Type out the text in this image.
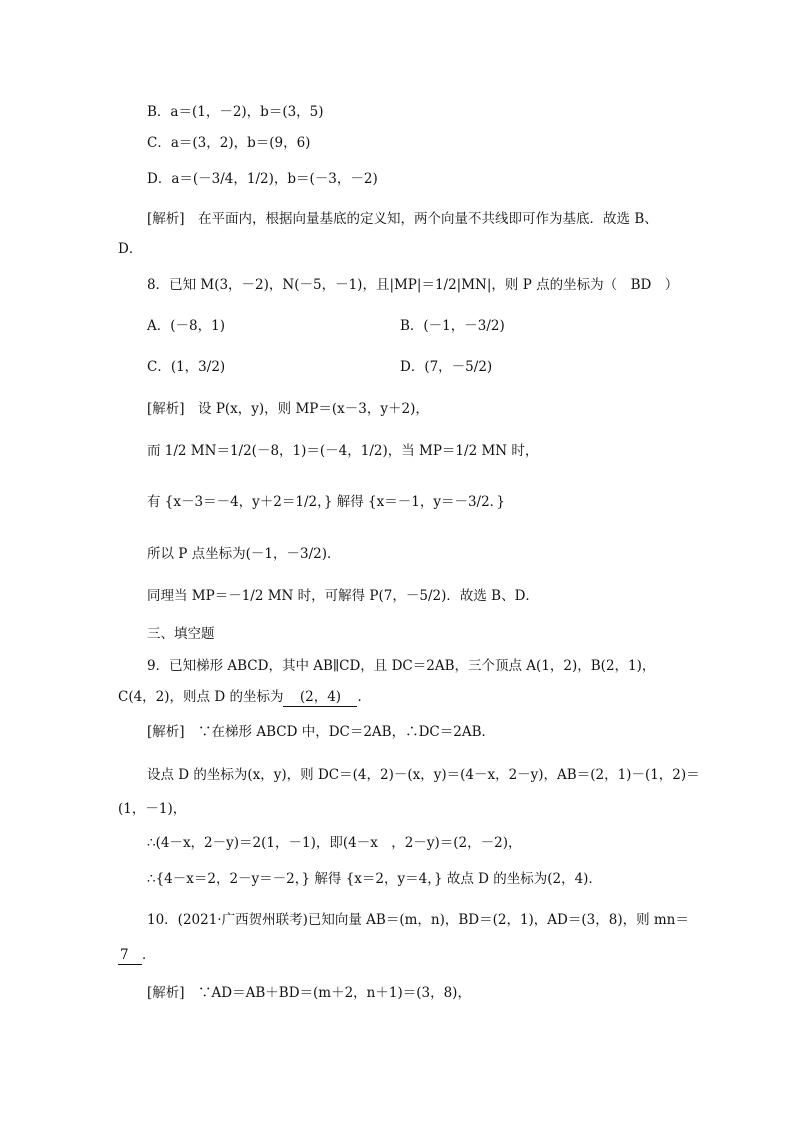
B．a＝(1，－2)，b＝(3，5)
C．a＝(3，2)，b＝(9，6)
D．a＝(－3/4，1/2)，b＝(－3，－2)
[解析]　在平面内，根据向量基底的定义知，两个向量不共线即可作为基底．故选 B、
D．
8．已知 M(3，－2)，N(－5，－1)，且|MP|＝1/2|MN|，则 P 点的坐标为（　BD　）
A．(－8，1)	B．(－1，－3/2)
C．(1，3/2)	D．(7，－5/2)
[解析]　设 P(x，y)，则 MP＝(x－3，y＋2)，
而 1/2 MN＝1/2(－8，1)＝(－4，1/2)，当 MP＝1/2 MN 时，
有 {x－3＝－4，y＋2＝1/2，} 解得 {x＝－1，y＝－3/2．}
所以 P 点坐标为(－1，－3/2)．
同理当 MP＝－1/2 MN 时，可解得 P(7，－5/2)．故选 B、D．
三、填空题
9．已知梯形 ABCD，其中 AB∥CD，且 DC＝2AB，三个顶点 A(1，2)，B(2，1)，
C(4，2)，则点 D 的坐标为 (2，4) ．
[解析]　∵在梯形 ABCD 中，DC＝2AB，∴DC＝2AB．
设点 D 的坐标为(x，y)，则 DC＝(4，2)－(x，y)＝(4－x，2－y)，AB＝(2，1)－(1，2)＝
(1，－1)，
∴(4－x，2－y)＝2(1，－1)，即(4－x　，2－y)＝(2，－2)，
∴{4－x＝2，2－y＝－2，} 解得 {x＝2，y＝4，} 故点 D 的坐标为(2，4)．
10．(2021·广西贺州联考)已知向量 AB＝(m，n)，BD＝(2，1)，AD＝(3，8)，则 mn＝
7 ．
[解析]　∵AD＝AB＋BD＝(m＋2，n＋1)＝(3，8)，
